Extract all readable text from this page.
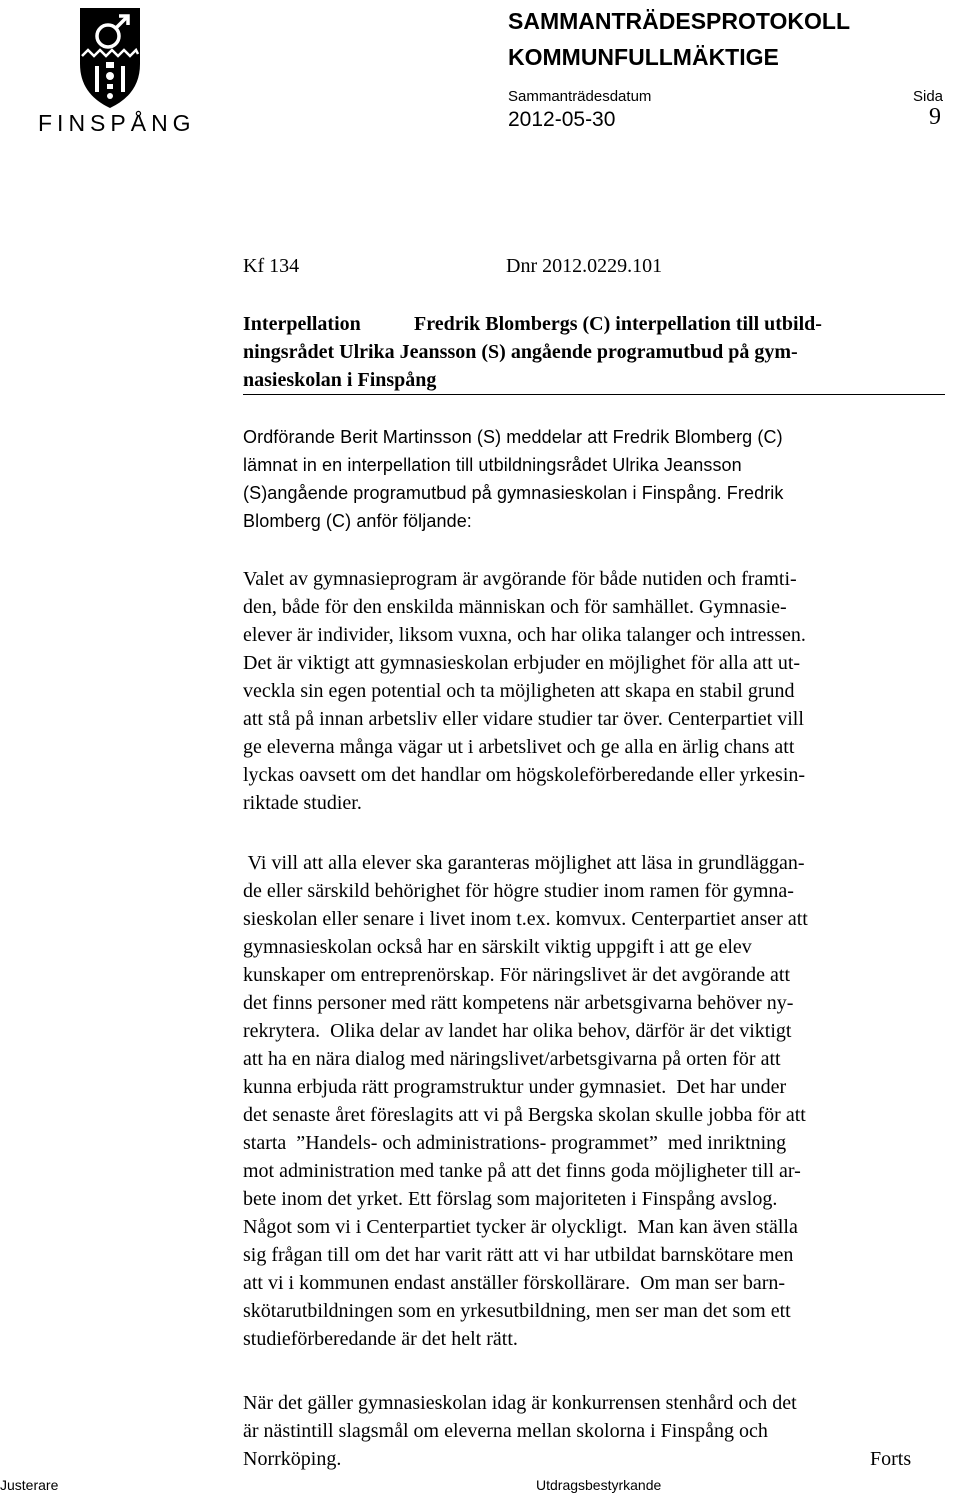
FINSPÅNG
SAMMANTRÄDESPROTOKOLL
KOMMUNFULLMÄKTIGE
Sammanträdesdatum	Sida
2012-05-30	9
Kf 134	Dnr 2012.0229.101
Interpellation	Fredrik Blombergs (C) interpellation till utbild-
ningsrådet Ulrika Jeansson (S) angående programutbud på gym-
nasieskolan i Finspång
Ordförande Berit Martinsson (S) meddelar att Fredrik Blomberg (C)
lämnat in en interpellation till utbildningsrådet Ulrika Jeansson
(S)angående programutbud på gymnasieskolan i Finspång. Fredrik
Blomberg (C) anför följande:
Valet av gymnasieprogram är avgörande för både nutiden och framti-
den, både för den enskilda människan och för samhället. Gymnasie-
elever är individer, liksom vuxna, och har olika talanger och intressen.
Det är viktigt att gymnasieskolan erbjuder en möjlighet för alla att ut-
veckla sin egen potential och ta möjligheten att skapa en stabil grund
att stå på innan arbetsliv eller vidare studier tar över. Centerpartiet vill
ge eleverna många vägar ut i arbetslivet och ge alla en ärlig chans att
lyckas oavsett om det handlar om högskoleförberedande eller yrkesin-
riktade studier.
Vi vill att alla elever ska garanteras möjlighet att läsa in grundläggan-
de eller särskild behörighet för högre studier inom ramen för gymna-
sieskolan eller senare i livet inom t.ex. komvux. Centerpartiet anser att
gymnasieskolan också har en särskilt viktig uppgift i att ge elev
kunskaper om entreprenörskap. För näringslivet är det avgörande att
det finns personer med rätt kompetens när arbetsgivarna behöver ny-
rekrytera.  Olika delar av landet har olika behov, därför är det viktigt
att ha en nära dialog med näringslivet/arbetsgivarna på orten för att
kunna erbjuda rätt programstruktur under gymnasiet.  Det har under
det senaste året föreslagits att vi på Bergska skolan skulle jobba för att
starta  ”Handels- och administrations- programmet”  med inriktning
mot administration med tanke på att det finns goda möjligheter till ar-
bete inom det yrket. Ett förslag som majoriteten i Finspång avslog.
Något som vi i Centerpartiet tycker är olyckligt.  Man kan även ställa
sig frågan till om det har varit rätt att vi har utbildat barnskötare men
att vi i kommunen endast anställer förskollärare.  Om man ser barn-
skötarutbildningen som en yrkesutbildning, men ser man det som ett
studieförberedande är det helt rätt.
När det gäller gymnasieskolan idag är konkurrensen stenhård och det
är nästintill slagsmål om eleverna mellan skolorna i Finspång och
Norrköping.	Forts
Justerare	Utdragsbestyrkande
